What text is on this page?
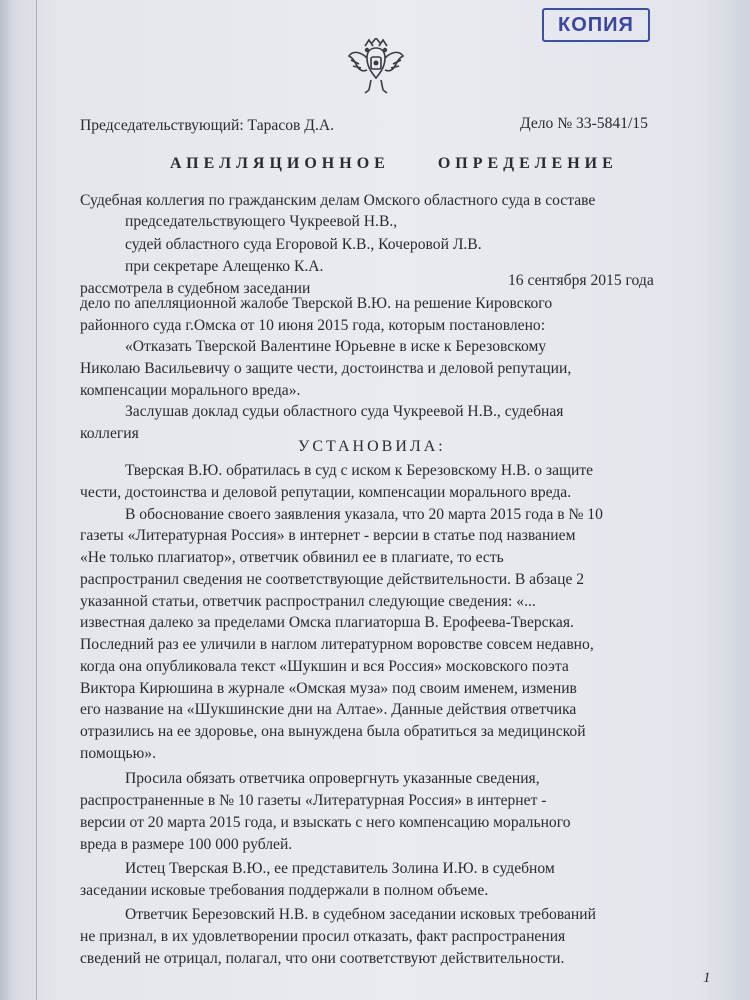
КОПИЯ
Председательствующий: Тарасов Д.А.	Дело № 33-5841/15
АПЕЛЛЯЦИОННОЕ	ОПРЕДЕЛЕНИЕ
Судебная коллегия по гражданским делам Омского областного суда в составе
председательствующего Чукреевой Н.В.,
судей областного суда Егоровой К.В., Кочеровой Л.В.
при секретаре Алещенко К.А.
рассмотрела в судебном заседании	16 сентября 2015 года
дело по апелляционной жалобе Тверской В.Ю. на решение Кировского
районного суда г.Омска от 10 июня 2015 года, которым постановлено:
«Отказать Тверской Валентине Юрьевне в иске к Березовскому
Николаю Васильевичу о защите чести, достоинства и деловой репутации,
компенсации морального вреда».
Заслушав доклад судьи областного суда Чукреевой Н.В., судебная
коллегия
УСТАНОВИЛА:
Тверская В.Ю. обратилась в суд с иском к Березовскому Н.В. о защите
чести, достоинства и деловой репутации, компенсации морального вреда.
В обоснование своего заявления указала, что 20 марта 2015 года в № 10
газеты «Литературная Россия» в интернет - версии в статье под названием
«Не только плагиатор», ответчик обвинил ее в плагиате, то есть
распространил сведения не соответствующие действительности. В абзаце 2
указанной статьи, ответчик распространил следующие сведения: «...
известная далеко за пределами Омска плагиаторша В. Ерофеева-Тверская.
Последний раз ее уличили в наглом литературном воровстве совсем недавно,
когда она опубликовала текст «Шукшин и вся Россия» московского поэта
Виктора Кирюшина в журнале «Омская муза» под своим именем, изменив
его название на «Шукшинские дни на Алтае». Данные действия ответчика
отразились на ее здоровье, она вынуждена была обратиться за медицинской
помощью».
Просила обязать ответчика опровергнуть указанные сведения,
распространенные в № 10 газеты «Литературная Россия» в интернет -
версии от 20 марта 2015 года, и взыскать с него компенсацию морального
вреда в размере 100 000 рублей.
Истец Тверская В.Ю., ее представитель Золина И.Ю. в судебном
заседании исковые требования поддержали в полном объеме.
Ответчик Березовский Н.В. в судебном заседании исковых требований
не признал, в их удовлетворении просил отказать, факт распространения
сведений не отрицал, полагал, что они соответствуют действительности.
1
